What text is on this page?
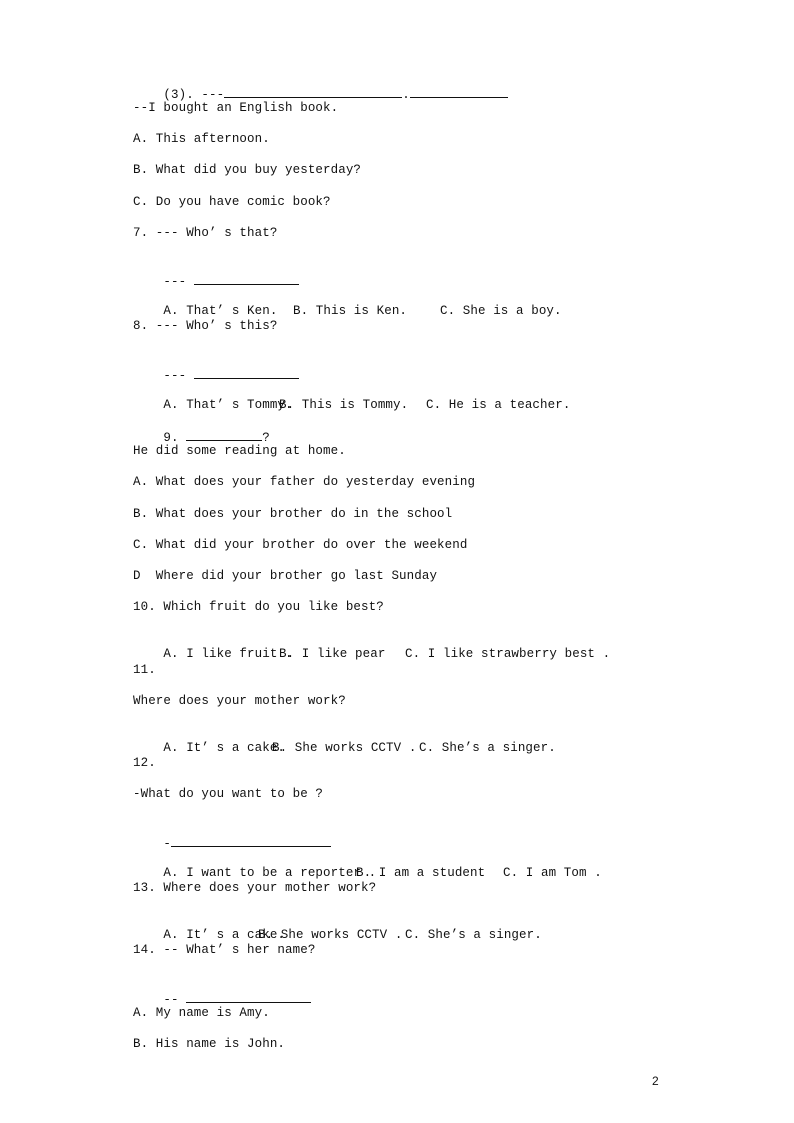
(3). ---	.

--I bought an English book.
A. This afternoon.
B. What did you buy yesterday?
C. Do you have comic book?
7. --- Who’ s that?

---

A. That’ s Ken. B. This is Ken.	C. She is a boy.

8. --- Who’ s this?

---

A. That’ s Tommy.
B. This is Tommy. C. He is a teacher.

9.	?

He did some reading at home.
A. What does your father do yesterday evening
B. What does your brother do in the school
C. What did your brother do over the weekend
D  Where did your brother go last Sunday
10. Which fruit do you like best?

A. I like fruit .
B. I like pear C. I like strawberry best .

11.
Where does your mother work?

A. It’ s a cake.
B. She works CCTV . C. She’s a singer.

12.
-What do you want to be ?

-

A. I want to be a reporter .
B. I am a student C. I am Tom .

13. Where does your mother work?

A. It’ s a cake.
B. She works CCTV . C. She’s a singer.

14. -- What’ s her name?

--

A. My name is Amy.
B. His name is John.
2
